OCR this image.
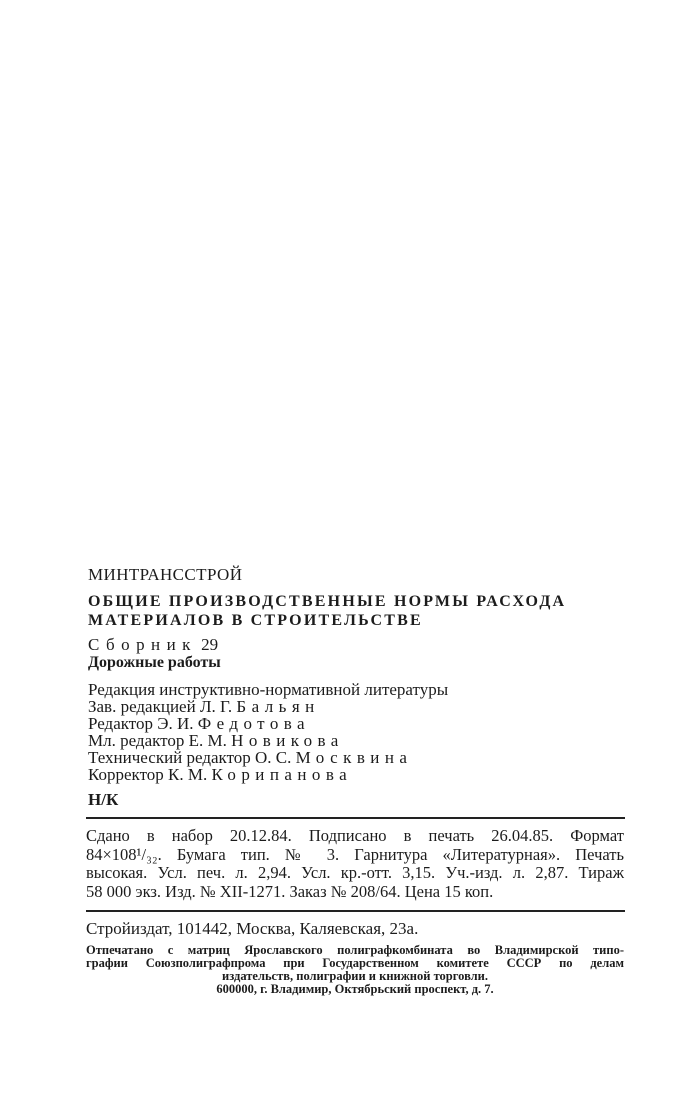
МИНТРАНССТРОЙ
ОБЩИЕ ПРОИЗВОДСТВЕННЫЕ НОРМЫ РАСХОДА
МАТЕРИАЛОВ В СТРОИТЕЛЬСТВЕ
Сборник 29
Дорожные работы
Редакция инструктивно-нормативной литературы
Зав. редакцией Л. Г. Бальян
Редактор Э. И. Федотова
Мл. редактор Е. М. Новикова
Технический редактор О. С. Москвина
Корректор К. М. Корипанова
Н/К
Сдано в набор 20.12.84. Подписано в печать 26.04.85. Формат
84×108¹/₃₂. Бумага тип. № 3. Гарнитура «Литературная». Печать
высокая. Усл. печ. л. 2,94. Усл. кр.-отт. 3,15. Уч.-изд. л. 2,87. Тираж
58 000 экз. Изд. № XII-1271. Заказ № 208/64. Цена 15 коп.
Стройиздат, 101442, Москва, Каляевская, 23а.
Отпечатано с матриц Ярославского полиграфкомбината во Владимирской типо-
графии Союзполиграфпрома при Государственном комитете СССР по делам
издательств, полиграфии и книжной торговли.
600000, г. Владимир, Октябрьский проспект, д. 7.
